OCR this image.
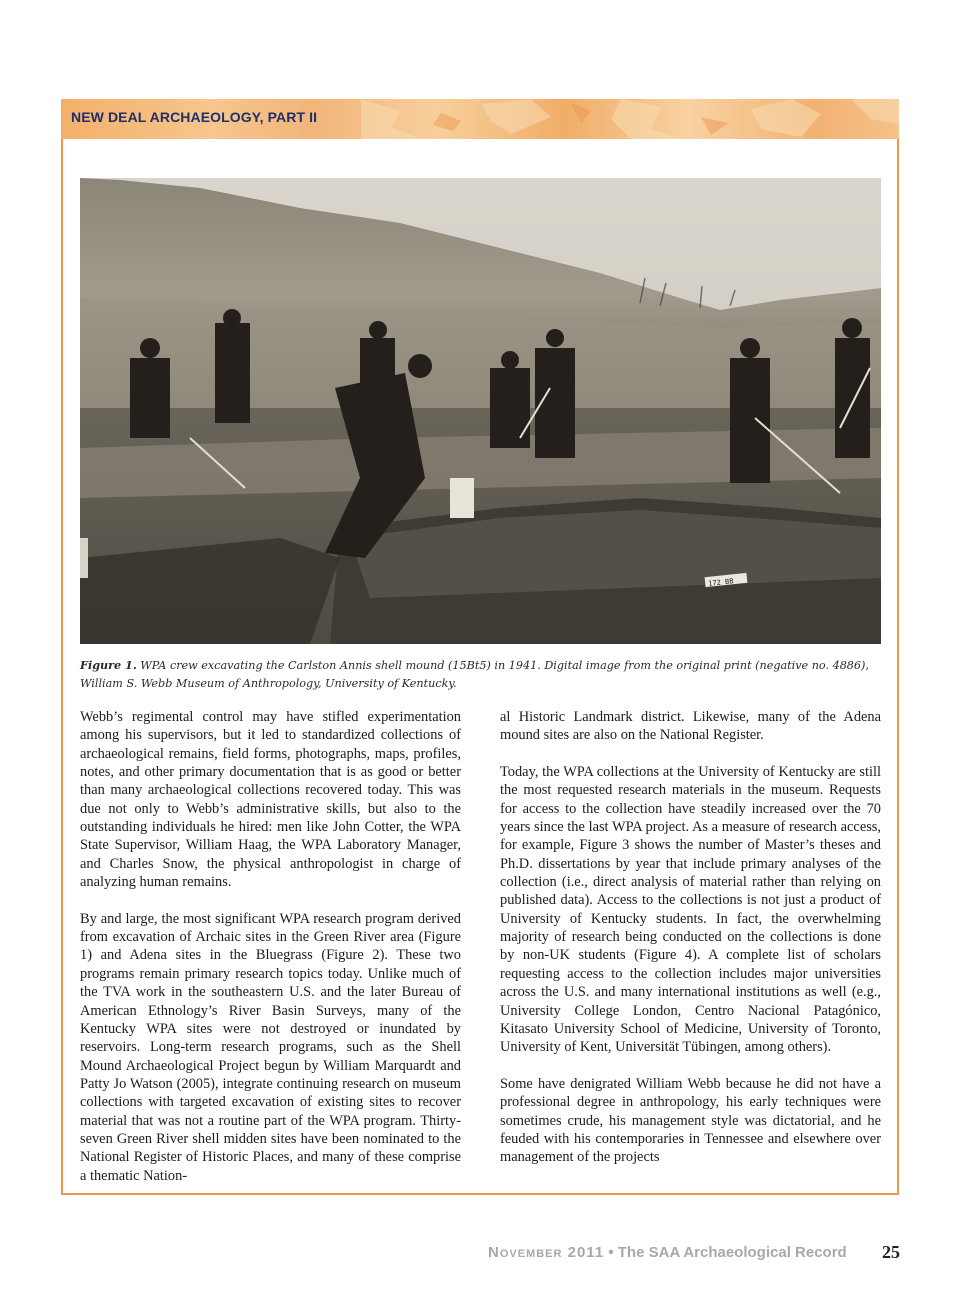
NEW DEAL ARCHAEOLOGY, PART II
172 BB
Figure 1. WPA crew excavating the Carlston Annis shell mound (15Bt5) in 1941. Digital image from the original print (negative no. 4886), William S. Webb Museum of Anthropology, University of Kentucky.

Webb’s regimental control may have stifled experimentation among his supervisors, but it led to standardized collections of archaeological remains, field forms, photographs, maps, profiles, notes, and other primary documentation that is as good or better than many archaeological collections recovered today. This was due not only to Webb’s administrative skills, but also to the outstanding individuals he hired: men like John Cotter, the WPA State Supervisor, William Haag, the WPA Laboratory Manager, and Charles Snow, the physical anthropologist in charge of analyzing human remains.

By and large, the most significant WPA research program derived from excavation of Archaic sites in the Green River area (Figure 1) and Adena sites in the Bluegrass (Figure 2). These two programs remain primary research topics today. Unlike much of the TVA work in the southeastern U.S. and the later Bureau of American Ethnology’s River Basin Surveys, many of the Kentucky WPA sites were not destroyed or inundated by reservoirs. Long-term research programs, such as the Shell Mound Archaeological Project begun by William Marquardt and Patty Jo Watson (2005), integrate continuing research on museum collections with targeted excavation of existing sites to recover material that was not a routine part of the WPA program. Thirty-seven Green River shell midden sites have been nominated to the National Register of Historic Places, and many of these comprise a thematic Nation-

al Historic Landmark district. Likewise, many of the Adena mound sites are also on the National Register.

Today, the WPA collections at the University of Kentucky are still the most requested research materials in the museum. Requests for access to the collection have steadily increased over the 70 years since the last WPA project. As a measure of research access, for example, Figure 3 shows the number of Master’s theses and Ph.D. dissertations by year that include primary analyses of the collection (i.e., direct analysis of material rather than relying on published data). Access to the collections is not just a product of University of Kentucky students. In fact, the overwhelming majority of research being conducted on the collections is done by non-UK students (Figure 4). A complete list of scholars requesting access to the collection includes major universities across the U.S. and many international institutions as well (e.g., University College London, Centro Nacional Patagónico, Kitasato University School of Medicine, University of Toronto, University of Kent, Universität Tübingen, among others).

Some have denigrated William Webb because he did not have a professional degree in anthropology, his early techniques were sometimes crude, his management style was dictatorial, and he feuded with his contemporaries in Tennessee and elsewhere over management of the projects

November 2011 • The SAA Archaeological Record 25
